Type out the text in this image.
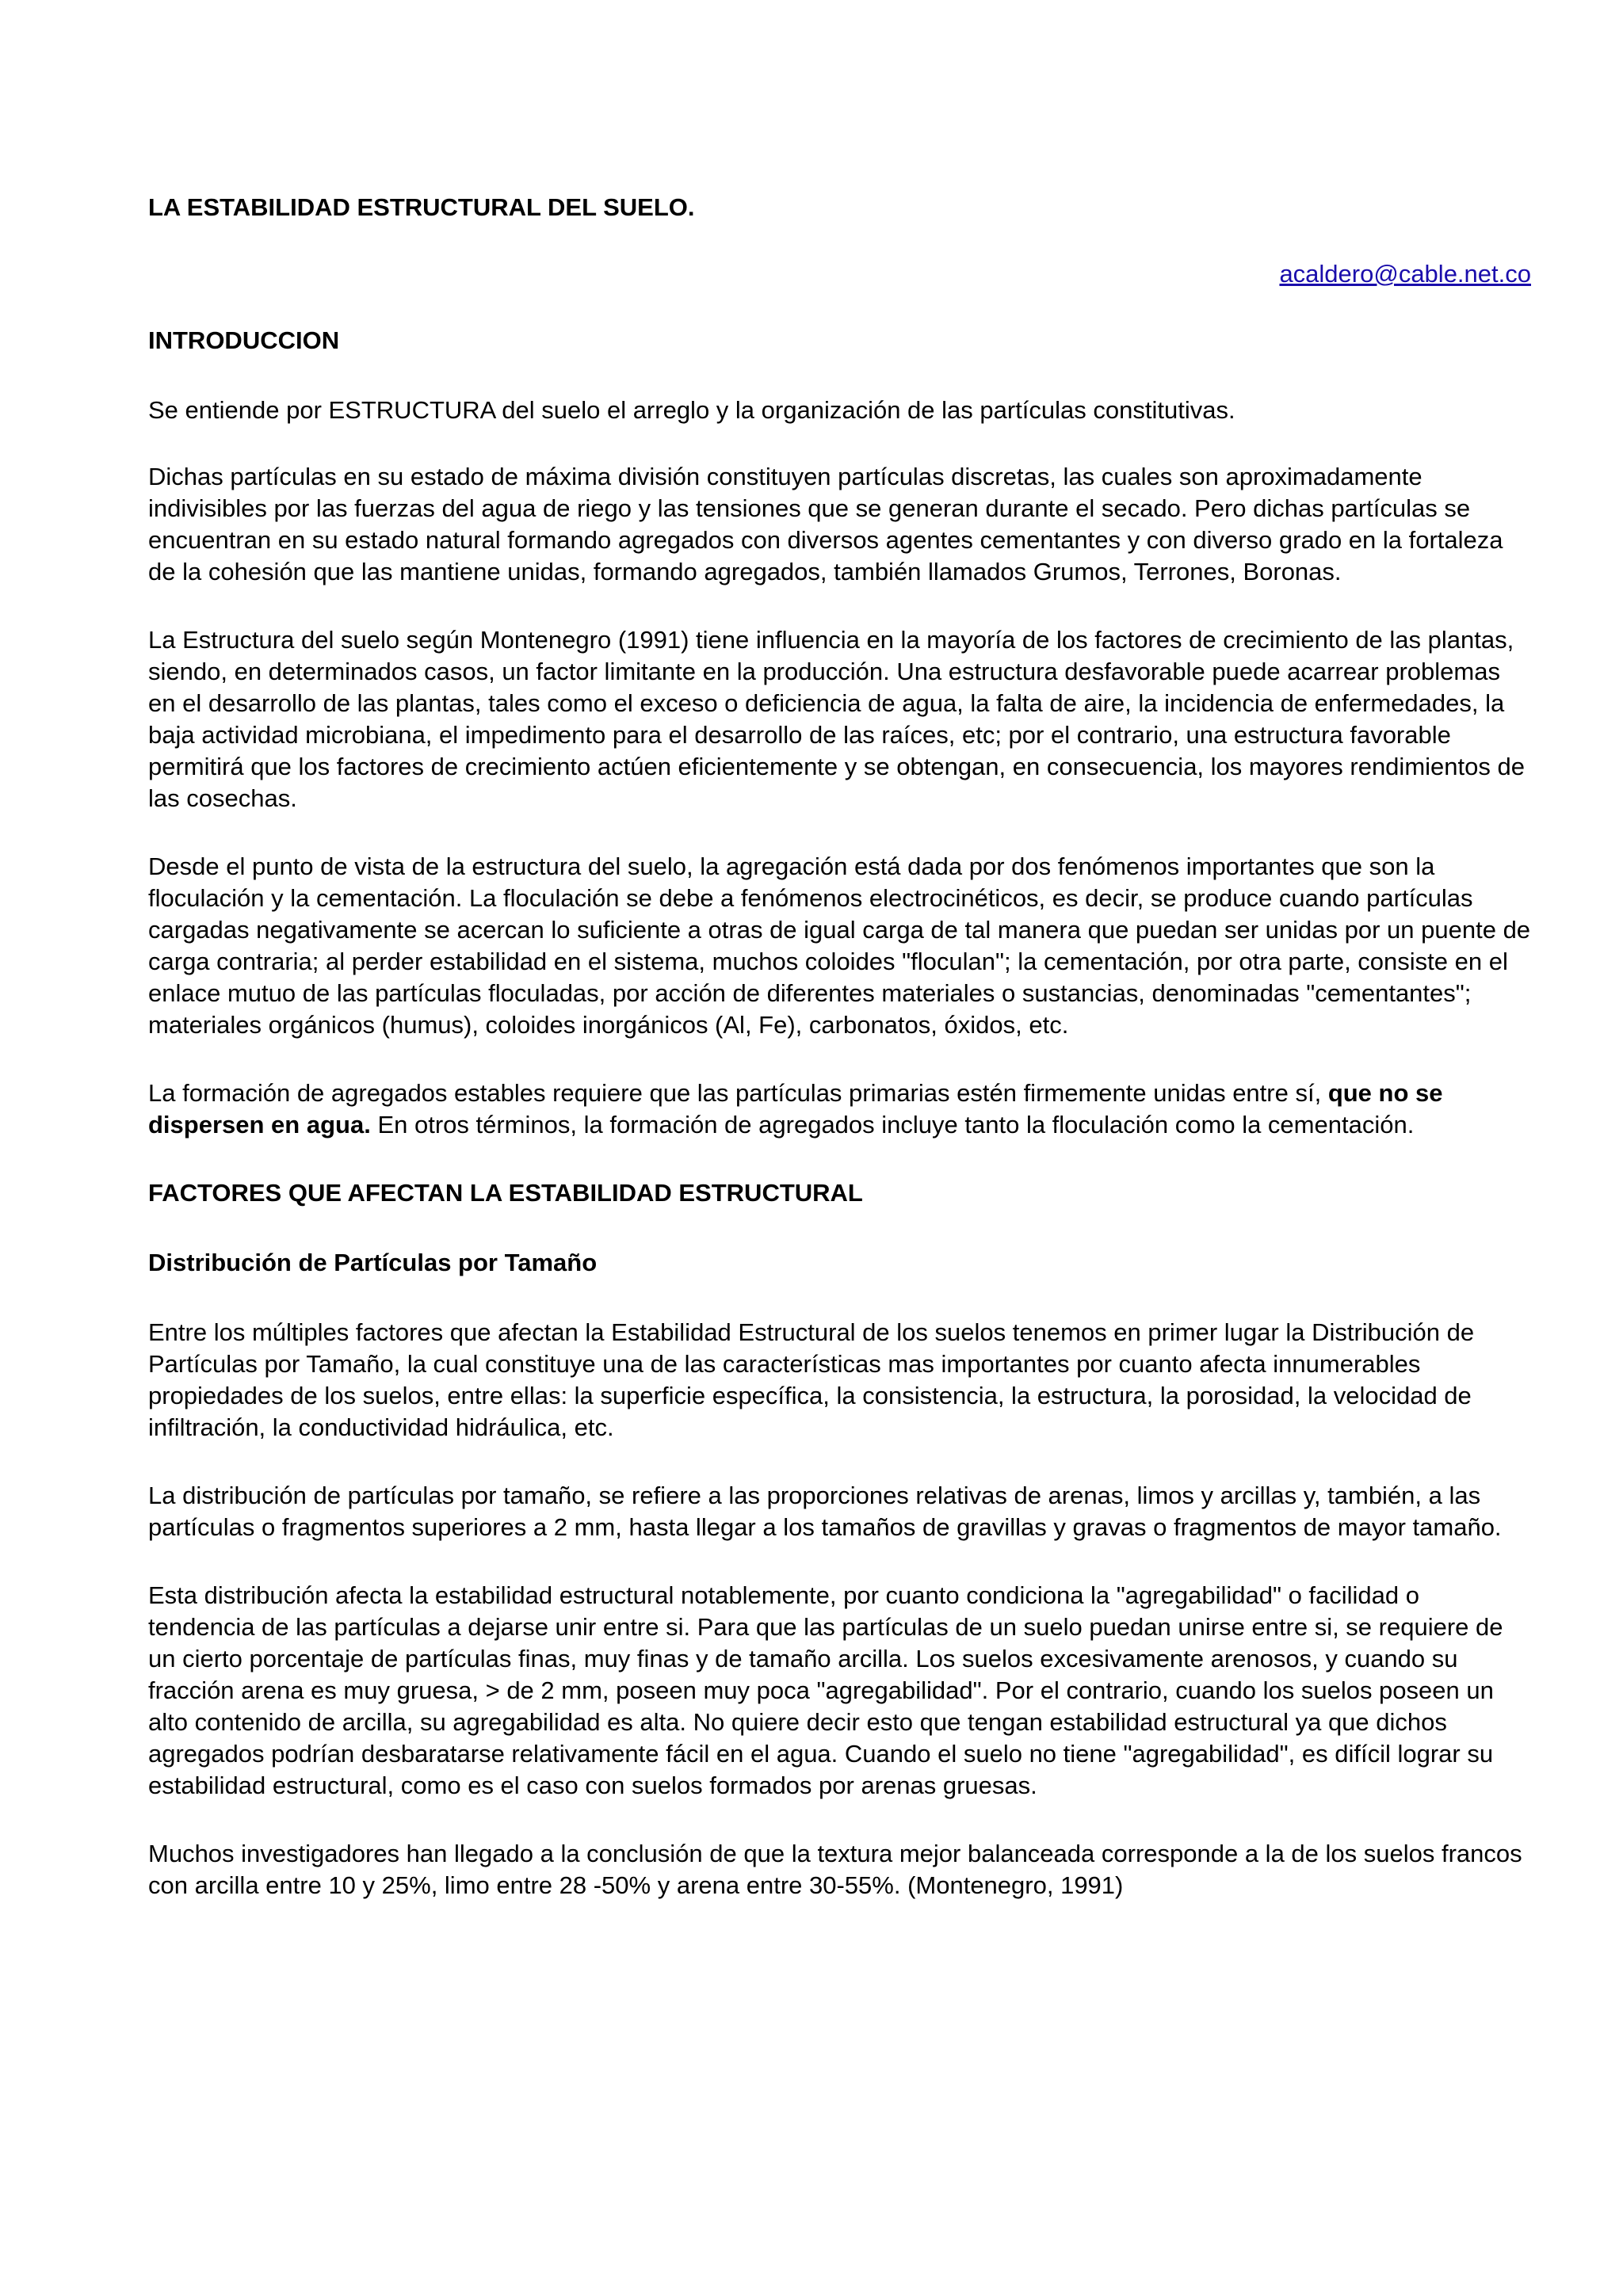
LA ESTABILIDAD ESTRUCTURAL DEL SUELO.

acaldero@cable.net.co

INTRODUCCION

Se entiende por ESTRUCTURA del suelo el arreglo y la organización de las partículas constitutivas.

Dichas partículas en su estado de máxima división constituyen partículas discretas, las cuales son aproximadamente indivisibles por las fuerzas del agua de riego y las tensiones que se generan durante el secado. Pero dichas partículas se encuentran en su estado natural formando agregados con diversos agentes cementantes y con diverso grado en la fortaleza de la cohesión que las mantiene unidas, formando agregados, también llamados Grumos, Terrones, Boronas.

La Estructura del suelo según Montenegro (1991) tiene influencia en la mayoría de los factores de crecimiento de las plantas, siendo, en determinados casos, un factor limitante en la producción. Una estructura desfavorable puede acarrear problemas en el desarrollo de las plantas, tales como el exceso o deficiencia de agua, la falta de aire, la incidencia de enfermedades, la baja actividad microbiana, el impedimento para el desarrollo de las raíces, etc; por el contrario, una estructura favorable permitirá que los factores de crecimiento actúen eficientemente y se obtengan, en consecuencia, los mayores rendimientos de las cosechas.

Desde el punto de vista de la estructura del suelo, la agregación está dada por dos fenómenos importantes que son la floculación y la cementación. La floculación se debe a fenómenos electrocinéticos, es decir, se produce cuando partículas cargadas negativamente se acercan lo suficiente a otras de igual carga de tal manera que puedan ser unidas por un puente de carga contraria; al perder estabilidad en el sistema, muchos coloides "floculan"; la cementación, por otra parte, consiste en el enlace mutuo de las partículas floculadas, por acción de diferentes materiales o sustancias, denominadas "cementantes"; materiales orgánicos (humus), coloides inorgánicos (Al, Fe), carbonatos, óxidos, etc.

La formación de agregados estables requiere que las partículas primarias estén firmemente unidas entre sí, que no se dispersen en agua. En otros términos, la formación de agregados incluye tanto la floculación como la cementación.

FACTORES QUE AFECTAN LA ESTABILIDAD ESTRUCTURAL
Distribución de Partículas por Tamaño

Entre los múltiples factores que afectan la Estabilidad Estructural de los suelos tenemos en primer lugar la Distribución de Partículas por Tamaño, la cual constituye una de las características mas importantes por cuanto afecta innumerables propiedades de los suelos, entre ellas: la superficie específica, la consistencia, la estructura, la porosidad, la velocidad de infiltración, la conductividad hidráulica, etc.

La distribución de partículas por tamaño, se refiere a las proporciones relativas de arenas, limos y arcillas y, también, a las partículas o fragmentos superiores a 2 mm, hasta llegar a los tamaños de gravillas y gravas o fragmentos de mayor tamaño.

Esta distribución afecta la estabilidad estructural notablemente, por cuanto condiciona la "agregabilidad" o facilidad o tendencia de las partículas a dejarse unir entre si. Para que las partículas de un suelo puedan unirse entre si, se requiere de un cierto porcentaje de partículas finas, muy finas y de tamaño arcilla. Los suelos excesivamente arenosos, y cuando su fracción arena es muy gruesa, > de 2 mm, poseen muy poca "agregabilidad". Por el contrario, cuando los suelos poseen un alto contenido de arcilla, su agregabilidad es alta. No quiere decir esto que tengan estabilidad estructural ya que dichos agregados podrían desbaratarse relativamente fácil en el agua. Cuando el suelo no tiene "agregabilidad", es difícil lograr su estabilidad estructural, como es el caso con suelos formados por arenas gruesas.

Muchos investigadores han llegado a la conclusión de que la textura mejor balanceada corresponde a la de los suelos francos con arcilla entre 10 y 25%, limo entre 28 -50% y arena entre 30-55%. (Montenegro, 1991)
